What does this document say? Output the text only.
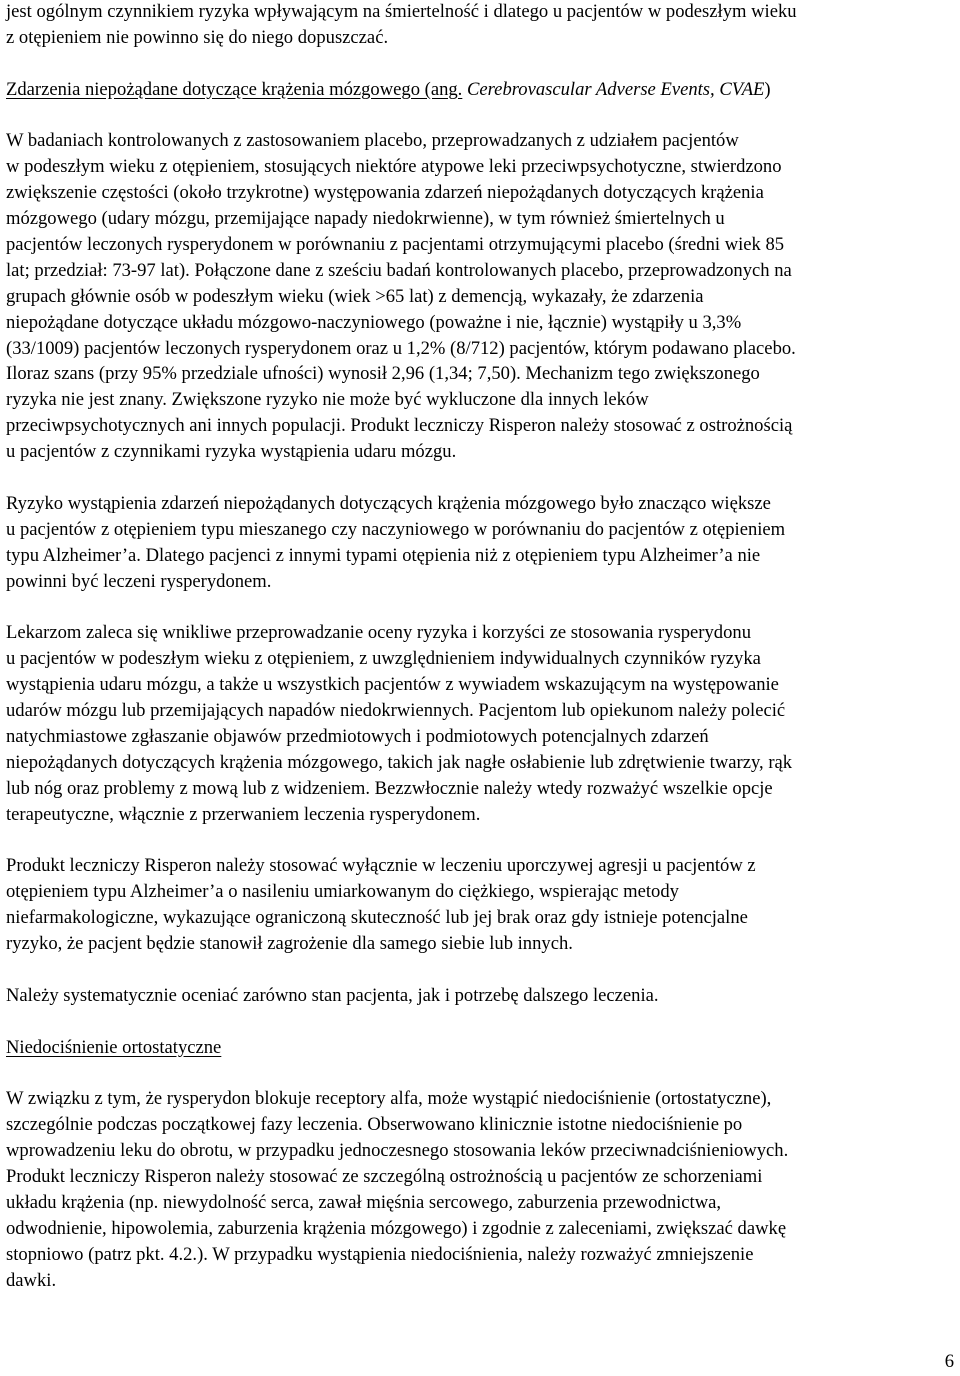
jest ogólnym czynnikiem ryzyka wpływającym na śmiertelność i dlatego u pacjentów w podeszłym wieku
z otępieniem nie powinno się do niego dopuszczać.
Zdarzenia niepożądane dotyczące krążenia mózgowego (ang. Cerebrovascular Adverse Events, CVAE)
W badaniach kontrolowanych z zastosowaniem placebo, przeprowadzanych z udziałem pacjentów
w podeszłym wieku z otępieniem, stosujących niektóre atypowe leki przeciwpsychotyczne, stwierdzono
zwiększenie częstości (około trzykrotne) występowania zdarzeń niepożądanych dotyczących krążenia
mózgowego (udary mózgu, przemijające napady niedokrwienne), w tym również śmiertelnych u
pacjentów leczonych rysperydonem w porównaniu z pacjentami otrzymującymi placebo (średni wiek 85
lat; przedział: 73-97 lat). Połączone dane z sześciu badań kontrolowanych placebo, przeprowadzonych na
grupach głównie osób w podeszłym wieku (wiek >65 lat) z demencją, wykazały, że zdarzenia
niepożądane dotyczące układu mózgowo-naczyniowego (poważne i nie, łącznie) wystąpiły u 3,3%
(33/1009) pacjentów leczonych rysperydonem oraz u 1,2% (8/712) pacjentów, którym podawano placebo.
Iloraz szans (przy 95% przedziale ufności) wynosił 2,96 (1,34; 7,50). Mechanizm tego zwiększonego
ryzyka nie jest znany. Zwiększone ryzyko nie może być wykluczone dla innych leków
przeciwpsychotycznych ani innych populacji. Produkt leczniczy Risperon należy stosować z ostrożnością
u pacjentów z czynnikami ryzyka wystąpienia udaru mózgu.
Ryzyko wystąpienia zdarzeń niepożądanych dotyczących krążenia mózgowego było znacząco większe
u pacjentów z otępieniem typu mieszanego czy naczyniowego w porównaniu do pacjentów z otępieniem
typu Alzheimer’a. Dlatego pacjenci z innymi typami otępienia niż z otępieniem typu Alzheimer’a nie
powinni być leczeni rysperydonem.
Lekarzom zaleca się wnikliwe przeprowadzanie oceny ryzyka i korzyści ze stosowania rysperydonu
u pacjentów w podeszłym wieku z otępieniem, z uwzględnieniem indywidualnych czynników ryzyka
wystąpienia udaru mózgu, a także u wszystkich pacjentów z wywiadem wskazującym na występowanie
udarów mózgu lub przemijających napadów niedokrwiennych. Pacjentom lub opiekunom należy polecić
natychmiastowe zgłaszanie objawów przedmiotowych i podmiotowych potencjalnych zdarzeń
niepożądanych dotyczących krążenia mózgowego, takich jak nagłe osłabienie lub zdrętwienie twarzy, rąk
lub nóg oraz problemy z mową lub z widzeniem. Bezzwłocznie należy wtedy rozważyć wszelkie opcje
terapeutyczne, włącznie z przerwaniem leczenia rysperydonem.
Produkt leczniczy Risperon należy stosować wyłącznie w leczeniu uporczywej agresji u pacjentów z
otępieniem typu Alzheimer’a o nasileniu umiarkowanym do ciężkiego, wspierając metody
niefarmakologiczne, wykazujące ograniczoną skuteczność lub jej brak oraz gdy istnieje potencjalne
ryzyko, że pacjent będzie stanowił zagrożenie dla samego siebie lub innych.
Należy systematycznie oceniać zarówno stan pacjenta, jak i potrzebę dalszego leczenia.
Niedociśnienie ortostatyczne
W związku z tym, że rysperydon blokuje receptory alfa, może wystąpić niedociśnienie (ortostatyczne),
szczególnie podczas początkowej fazy leczenia. Obserwowano klinicznie istotne niedociśnienie po
wprowadzeniu leku do obrotu, w przypadku jednoczesnego stosowania leków przeciwnadciśnieniowych.
Produkt leczniczy Risperon należy stosować ze szczególną ostrożnością u pacjentów ze schorzeniami
układu krążenia (np. niewydolność serca, zawał mięśnia sercowego, zaburzenia przewodnictwa,
odwodnienie, hipowolemia, zaburzenia krążenia mózgowego) i zgodnie z zaleceniami, zwiększać dawkę
stopniowo (patrz pkt. 4.2.). W przypadku wystąpienia niedociśnienia, należy rozważyć zmniejszenie
dawki.
6
